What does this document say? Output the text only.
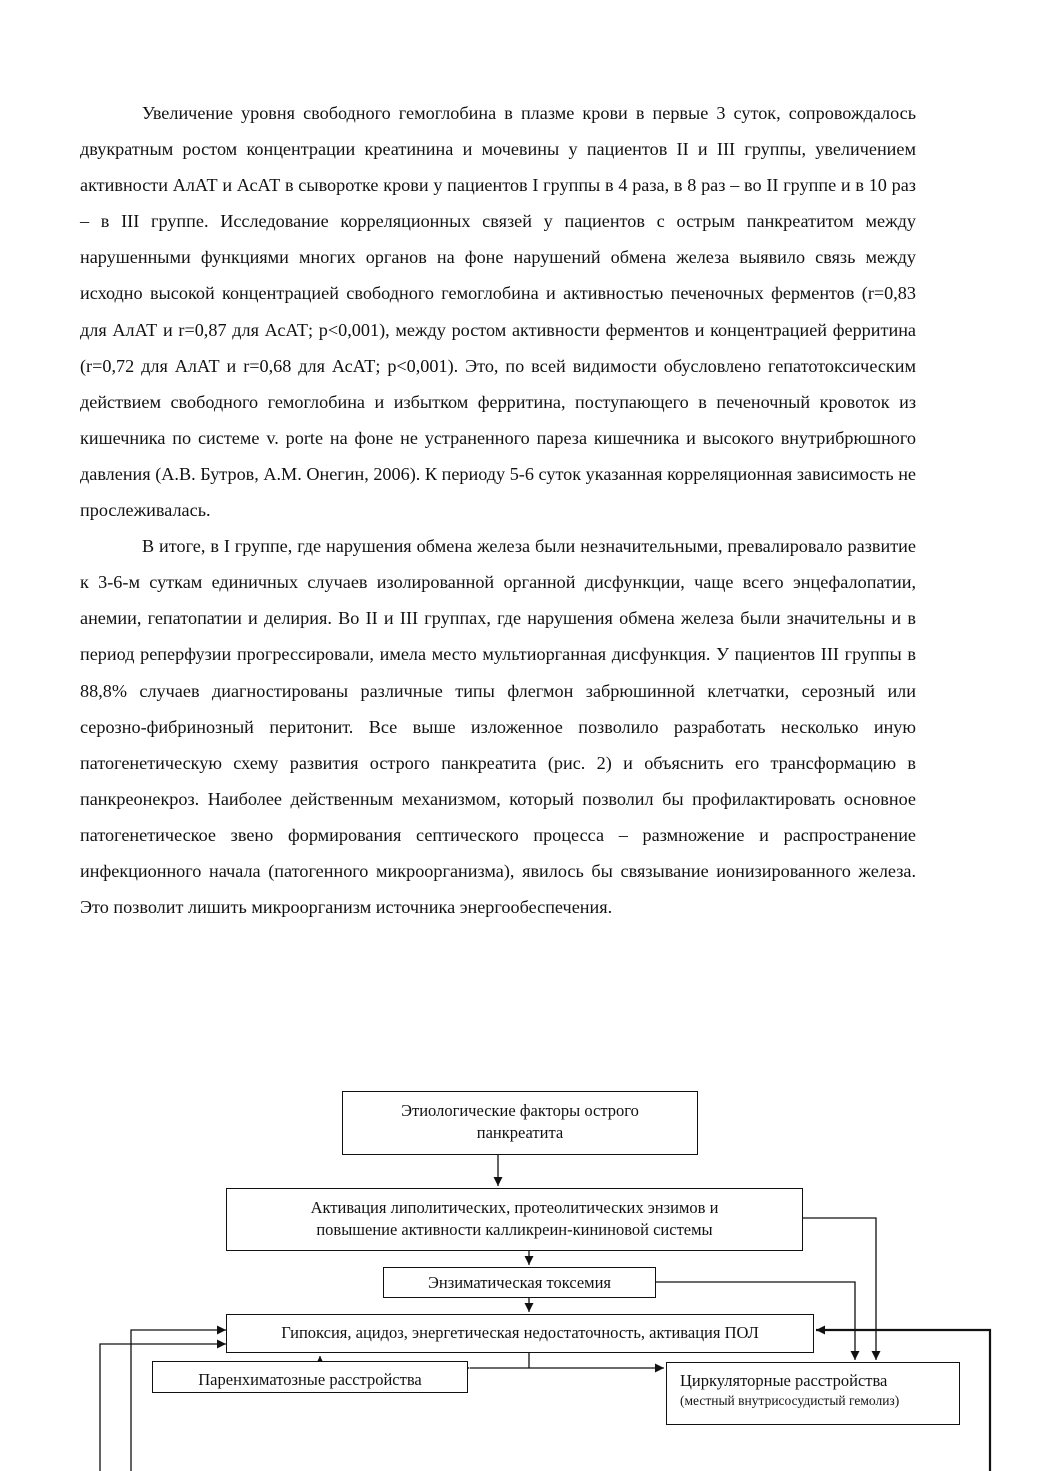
Увеличение уровня свободного гемоглобина в плазме крови в первые 3 суток, сопровождалось двукратным ростом концентрации креатинина и мочевины у пациентов II и III группы, увеличением активности АлАТ и АсАТ в сыворотке крови у пациентов I группы в 4 раза, в 8 раз – во II группе и в 10 раз – в III группе. Исследование корреляционных связей у пациентов с острым панкреатитом между нарушенными функциями многих органов на фоне нарушений обмена железа выявило связь между исходно высокой концентрацией свободного гемоглобина и активностью печеночных ферментов (r=0,83 для АлАТ и r=0,87 для АсАТ; p<0,001), между ростом активности ферментов и концентрацией ферритина (r=0,72 для АлАТ и r=0,68 для АсАТ; p<0,001). Это, по всей видимости обусловлено гепатотоксическим действием свободного гемоглобина и избытком ферритина, поступающего в печеночный кровоток из кишечника по системе v. porte на фоне не устраненного пареза кишечника и высокого внутрибрюшного давления (А.В. Бутров, А.М. Онегин, 2006). К периоду 5-6 суток указанная корреляционная зависимость не прослеживалась.

В итоге, в I группе, где нарушения обмена железа были незначительными, превалировало развитие к 3-6-м суткам единичных случаев изолированной органной дисфункции, чаще всего энцефалопатии, анемии, гепатопатии и делирия. Во II и III группах, где нарушения обмена железа были значительны и в период реперфузии прогрессировали, имела место мультиорганная дисфункция. У пациентов III группы в 88,8% случаев диагностированы различные типы флегмон забрюшинной клетчатки, серозный или серозно-фибринозный перитонит. Все выше изложенное позволило разработать несколько иную патогенетическую схему развития острого панкреатита (рис. 2) и объяснить его трансформацию в панкреонекроз. Наиболее действенным механизмом, который позволил бы профилактировать основное патогенетическое звено формирования септического процесса – размножение и распространение инфекционного начала (патогенного микроорганизма), явилось бы связывание ионизированного железа. Это позволит лишить микроорганизм источника энергообеспечения.

Этиологические факторы острого
панкреатита
Активация липолитических, протеолитических энзимов и
повышение активности калликреин-кининовой системы
Энзиматическая токсемия
Гипоксия, ацидоз, энергетическая недостаточность, активация ПОЛ
Паренхиматозные расстройства	Циркуляторные расстройства
(местный внутрисосудистый гемолиз)
